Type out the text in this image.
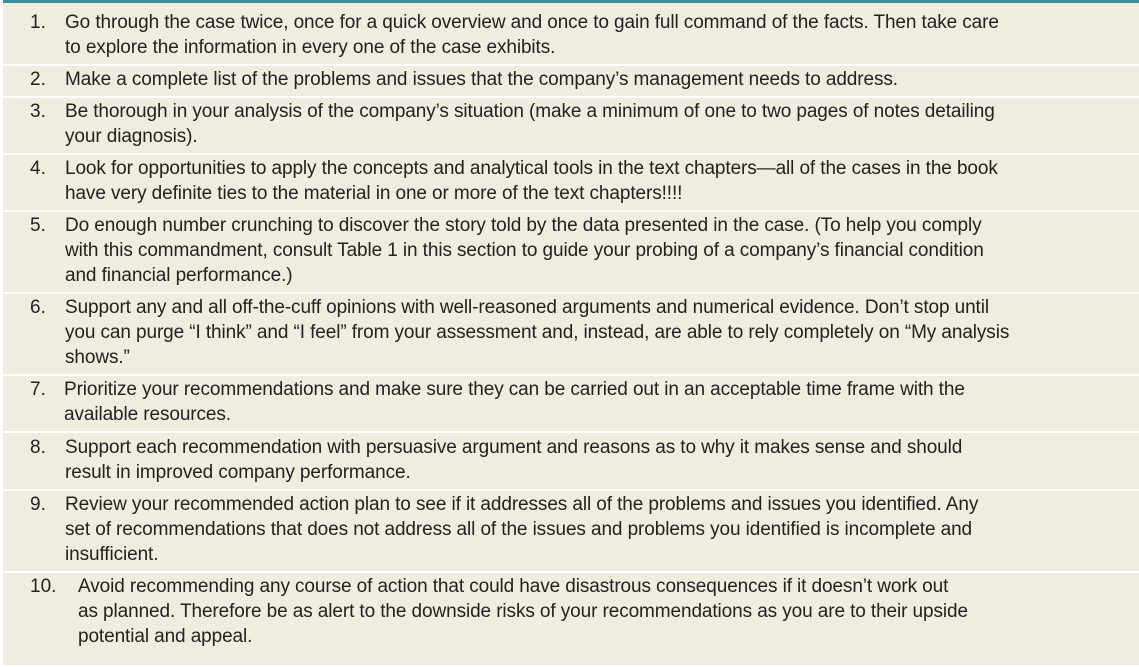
1.	Go through the case twice, once for a quick overview and once to gain full command of the facts. Then take care
to explore the information in every one of the case exhibits.
2.	Make a complete list of the problems and issues that the company’s management needs to address.
3.	Be thorough in your analysis of the company’s situation (make a minimum of one to two pages of notes detailing
your diagnosis).
4.	Look for opportunities to apply the concepts and analytical tools in the text chapters—all of the cases in the book
have very definite ties to the material in one or more of the text chapters!!!!
5.	Do enough number crunching to discover the story told by the data presented in the case. (To help you comply
with this commandment, consult Table 1 in this section to guide your probing of a company’s financial condition
and financial performance.)
6.	Support any and all off-the-cuff opinions with well-reasoned arguments and numerical evidence. Don’t stop until
you can purge “I think” and “I feel” from your assessment and, instead, are able to rely completely on “My analysis
shows.”
7. Prioritize your recommendations and make sure they can be carried out in an acceptable time frame with the
available resources.
8.	Support each recommendation with persuasive argument and reasons as to why it makes sense and should
result in improved company performance.
9.	Review your recommended action plan to see if it addresses all of the problems and issues you identified. Any
set of recommendations that does not address all of the issues and problems you identified is incomplete and
insufficient.
10. Avoid recommending any course of action that could have disastrous consequences if it doesn’t work out
as planned. Therefore be as alert to the downside risks of your recommendations as you are to their upside
potential and appeal.
